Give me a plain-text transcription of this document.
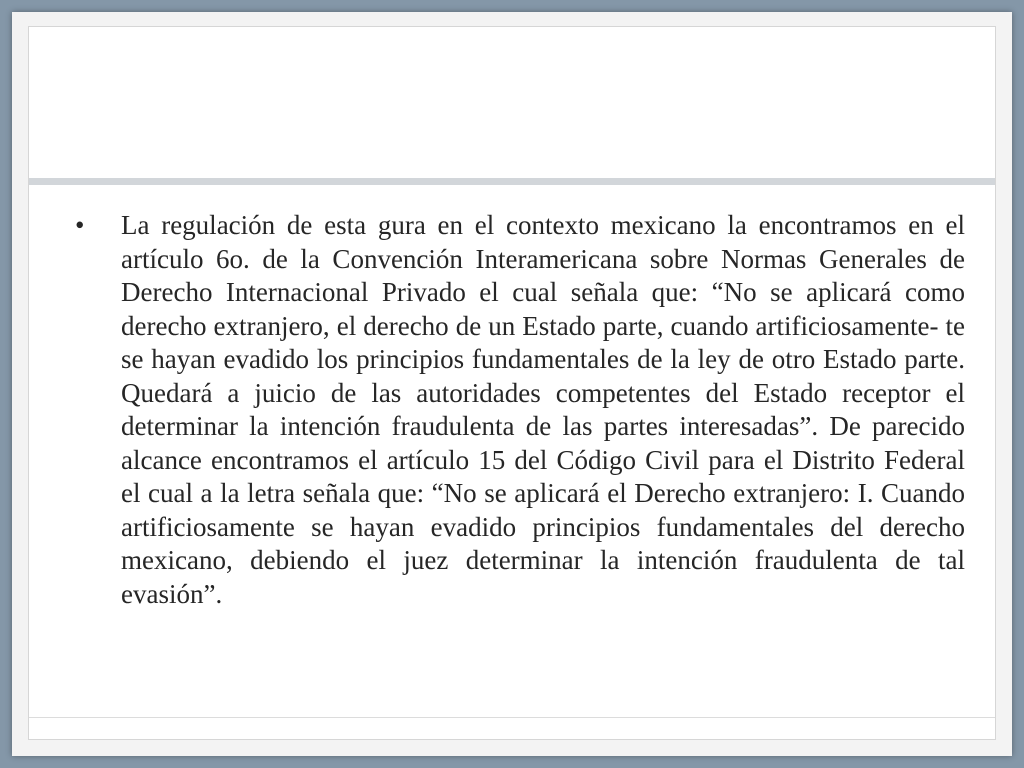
•	La regulación de esta gura en el contexto mexicano la encontramos en el artículo 6o. de la Convención Interamericana sobre Normas Generales de Derecho Internacional Privado el cual señala que: “No se aplicará como derecho extranjero, el derecho de un Estado parte, cuando artificiosamente- te se hayan evadido los principios fundamentales de la ley de otro Estado parte. Quedará a juicio de las autoridades competentes del Estado receptor el determinar la intención fraudulenta de las partes interesadas”. De parecido alcance encontramos el artículo 15 del Código Civil para el Distrito Federal el cual a la letra señala que: “No se aplicará el Derecho extranjero: I. Cuando artificiosamente se hayan evadido principios fundamentales del derecho mexicano, debiendo el juez determinar la intención fraudulenta de tal evasión”.
